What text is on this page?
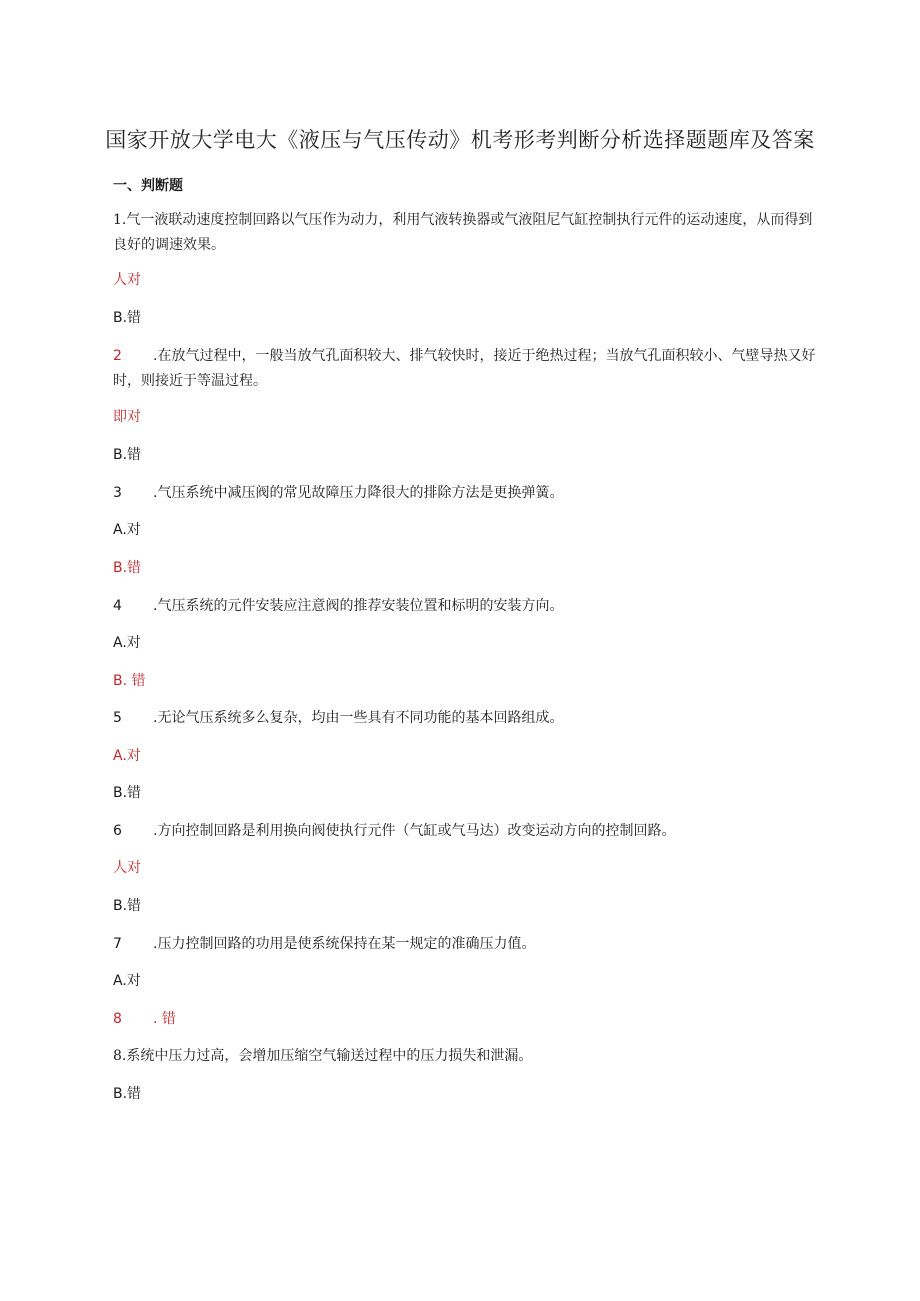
国家开放大学电大《液压与气压传动》机考形考判断分析选择题题库及答案
一、判断题
1.气一液联动速度控制回路以气压作为动力，利用气液转换器或气液阻尼气缸控制执行元件的运动速度，从而得到良好的调速效果。
人对
B.错
2 .在放气过程中，一般当放气孔面积较大、排气较快时，接近于绝热过程；当放气孔面积较小、气壁导热又好时，则接近于等温过程。
即对
B.错
3 .气压系统中减压阀的常见故障压力降很大的排除方法是更换弹簧。
A.对
B.错
4 .气压系统的元件安装应注意阀的推荐安装位置和标明的安装方向。
A.对
B. 错
5 .无论气压系统多么复杂，均由一些具有不同功能的基本回路组成。
A.对
B.错
6 .方向控制回路是利用换向阀使执行元件（气缸或气马达）改变运动方向的控制回路。
人对
B.错
7 .压力控制回路的功用是使系统保持在某一规定的准确压力值。
A.对
8 . 错
8.系统中压力过高，会增加压缩空气输送过程中的压力损失和泄漏。
B.错
